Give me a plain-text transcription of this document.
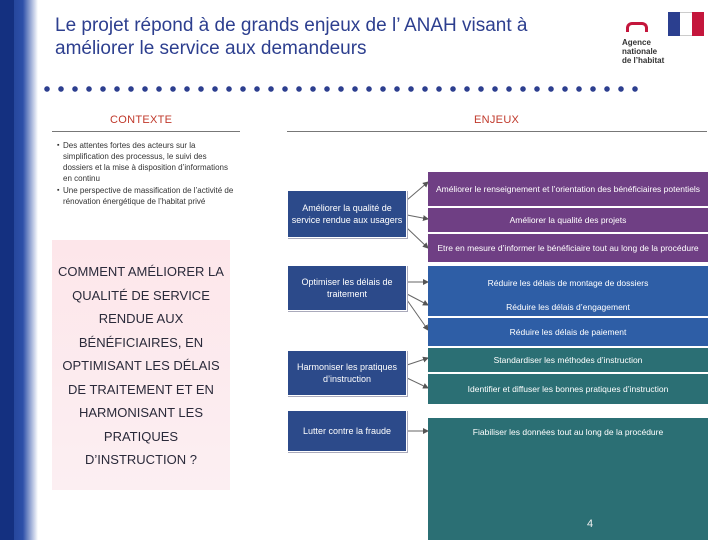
Le projet répond à de grands enjeux de l’ ANAH visant à
améliorer le service aux demandeurs	Agence
nationale
de l’habitat
CONTEXTE	ENJEUX
▪ Des attentes fortes des acteurs sur la simplification des processus, le suivi des dossiers et la mise à disposition d’informations en continu
▪ Une perspective de massification de l’activité de rénovation énergétique de l’habitat privé
COMMENT AMÉLIORER LA
QUALITÉ DE SERVICE
RENDUE AUX
BÉNÉFICIAIRES, EN
OPTIMISANT LES DÉLAIS
DE TRAITEMENT ET EN
HARMONISANT LES
PRATIQUES
D’INSTRUCTION ?
Améliorer la qualité de service rendue aux usagers
Optimiser les délais de traitement
Harmoniser les pratiques d’instruction
Lutter contre la fraude
Améliorer le renseignement et l’orientation des bénéficiaires potentiels
Améliorer la qualité des projets
Etre en mesure d’informer le bénéficiaire tout au long de la procédure
Réduire les délais de montage de dossiers
Réduire les délais d’engagement
Réduire les délais de paiement
Standardiser les méthodes d’instruction
Identifier et diffuser les bonnes pratiques d’instruction
Fiabiliser les données tout au long de la procédure
4
